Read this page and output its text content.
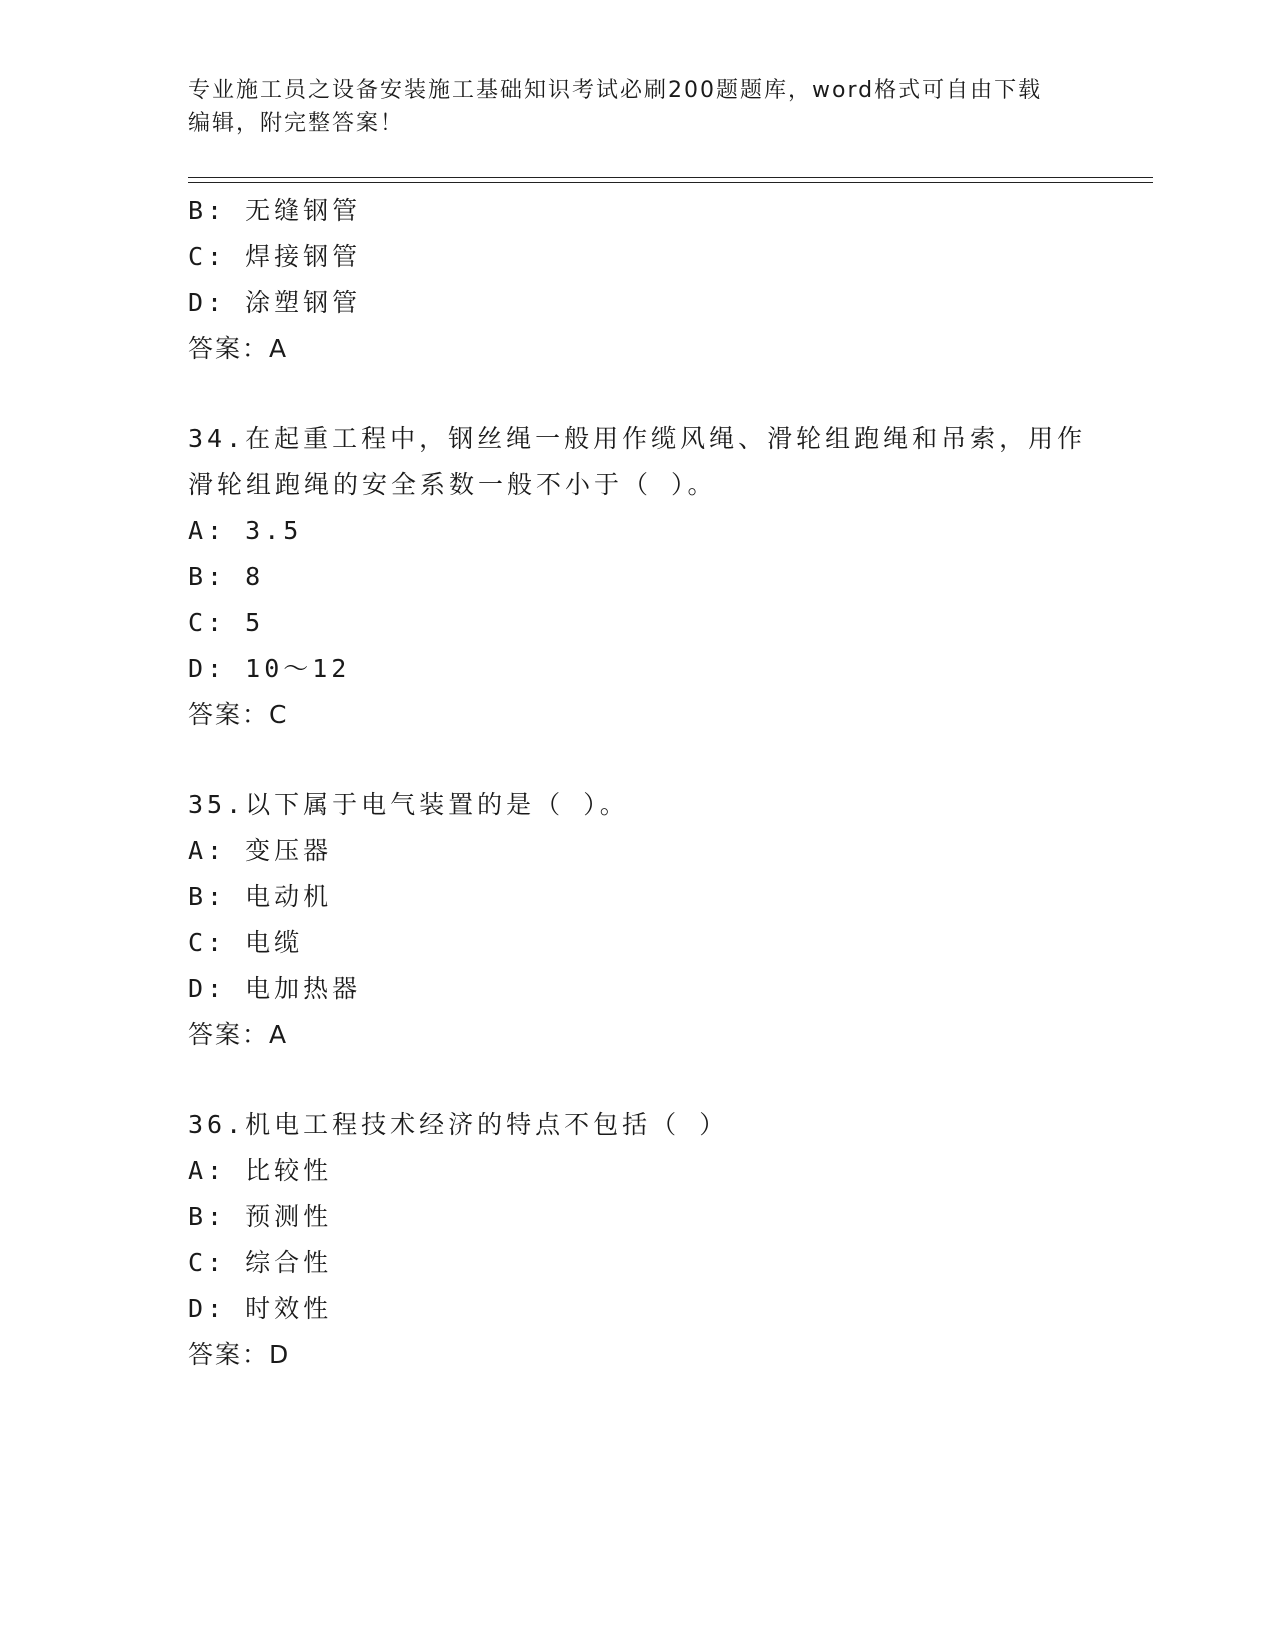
专业施工员之设备安装施工基础知识考试必刷200题题库，word格式可自由下载
编辑，附完整答案！
B: 无缝钢管
C: 焊接钢管
D: 涂塑钢管
答案：A
34.在起重工程中，钢丝绳一般用作缆风绳、滑轮组跑绳和吊索，用作
滑轮组跑绳的安全系数一般不小于（ ）。
A: 3.5
B: 8
C: 5
D: 10～12
答案：C
35.以下属于电气装置的是（ ）。
A: 变压器
B: 电动机
C: 电缆
D: 电加热器
答案：A
36.机电工程技术经济的特点不包括（ ）
A: 比较性
B: 预测性
C: 综合性
D: 时效性
答案：D
